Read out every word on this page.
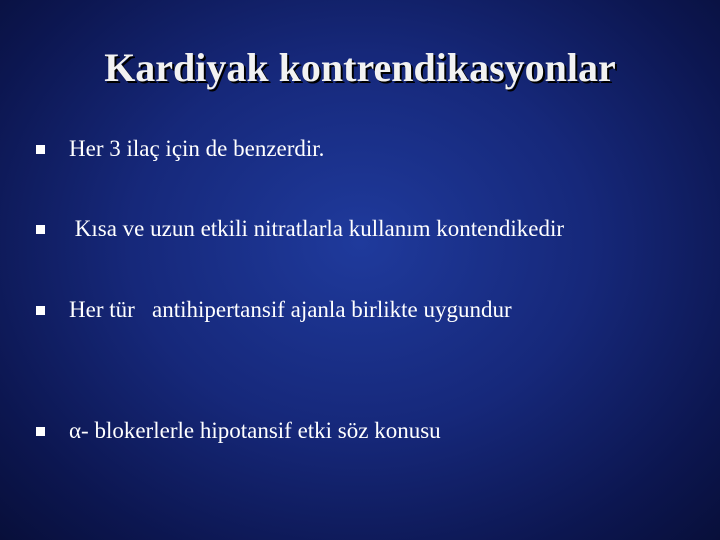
Kardiyak kontrendikasyonlar
Her 3 ilaç için de benzerdir.
Kısa ve uzun etkili nitratlarla kullanım kontendikedir
Her tür   antihipertansif ajanla birlikte uygundur
α- blokerlerle hipotansif etki söz konusu
